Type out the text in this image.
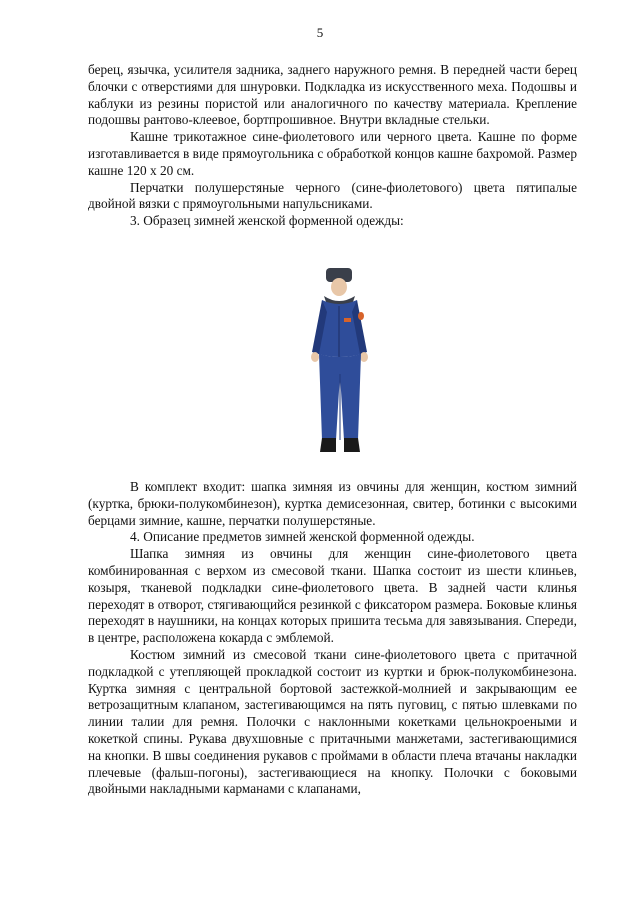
5

берец, язычка, усилителя задника, заднего наружного ремня. В передней части берец блочки с отверстиями для шнуровки. Подкладка из искусственного меха. Подошвы и каблуки из резины пористой или аналогичного по качеству материала. Крепление подошвы рантово-клеевое, бортпрошивное. Внутри вкладные стельки.

Кашне трикотажное сине-фиолетового или черного цвета. Кашне по форме изготавливается в виде прямоугольника с обработкой концов кашне бахромой. Размер кашне 120 х 20 см.

Перчатки полушерстяные черного (сине-фиолетового) цвета пятипалые двойной вязки с прямоугольными напульсниками.

3. Образец зимней женской форменной одежды:

В комплект входит: шапка зимняя из овчины для женщин, костюм зимний (куртка, брюки-полукомбинезон), куртка демисезонная, свитер, ботинки с высокими берцами зимние, кашне, перчатки полушерстяные.

4. Описание предметов зимней женской форменной одежды.

Шапка зимняя из овчины для женщин сине-фиолетового цвета комбинированная с верхом из смесовой ткани. Шапка состоит из шести клиньев, козыря, тканевой подкладки сине-фиолетового цвета. В задней части клинья переходят в отворот, стягивающийся резинкой с фиксатором размера. Боковые клинья переходят в наушники, на концах которых пришита тесьма для завязывания. Спереди, в центре, расположена кокарда с эмблемой.

Костюм зимний из смесовой ткани сине-фиолетового цвета с притачной подкладкой с утепляющей прокладкой состоит из куртки и брюк-полукомбинезона. Куртка зимняя с центральной бортовой застежкой-молнией и закрывающим ее ветрозащитным клапаном, застегивающимся на пять пуговиц, с пятью шлевками по линии талии для ремня. Полочки с наклонными кокетками цельнокроеными и кокеткой спины. Рукава двухшовные с притачными манжетами, застегивающимися на кнопки. В швы соединения рукавов с проймами в области плеча втачаны накладки плечевые (фальш-погоны), застегивающиеся на кнопку. Полочки с боковыми двойными накладными карманами с клапанами,
